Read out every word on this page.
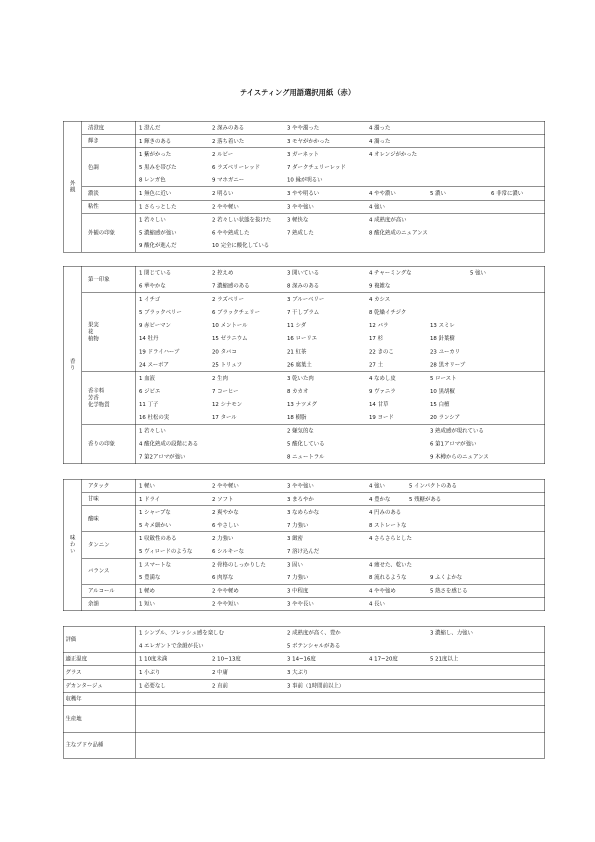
テイスティング用語選択用紙（赤）
外観
清澄度	1 澄んだ	2 深みのある	3 やや濁った	4 濁った
輝き	1 輝きのある	2 落ち着いた	3 モヤがかかった	4 濁った
色調
1 紫がかった	2 ルビー	3 ガーネット	4 オレンジがかった
5 黒みを帯びた	6 ラズベリーレッド 7 ダークチェリーレッド
8 レンガ色	9 マホガニー	10 縁が明るい
濃淡	1 無色に近い	2 明るい	3 やや明るい	4 やや濃い	5 濃い	6 非常に濃い
粘性	1 さらっとした	2 やや軽い	3 やや強い	4 強い
外観の印象
1 若々しい	2 若々しい状態を抜けた 3 軽快な	4 成熟度が高い
5 濃縮感が強い	6 やや熟成した	7 熟成した	8 酸化熟成のニュアンス
9 酸化が進んだ	10 完全に酸化している
香り
第一印象
1 閉じている	2 控えめ	3 開いている	4 チャーミングな	5 強い
6 華やかな	7 濃縮感のある	8 深みのある	9 複雑な
果実
花
植物
1 イチゴ	2 ラズベリー	3 ブルーベリー	4 カシス
5 ブラックベリー	6 ブラックチェリー 7 干しプラム	8 乾燥イチジク
9 赤ピーマン	10 メントール	11 シダ	12 バラ	13 スミレ
14 牡丹	15 ゼラニウム	16 ローリエ	17 杉	18 針葉樹
19 ドライハーブ	20 タバコ	21 紅茶	22 きのこ	23 ユーカリ
24 スーボア	25 トリュフ	26 腐葉土	27 土	28 黒オリーブ
香辛料
芳香
化学物質
1 血液	2 生肉	3 乾いた肉	4 なめし皮	5 ロースト
6 ジビエ	7 コーヒー	8 カカオ	9 ヴァニラ	10 黒胡椒
11 丁子	12 シナモン	13 ナツメグ	14 甘草	15 白檀
16 杜松の実	17 タール	18 樹脂	19 ヨード	20 ランシア
香りの印象
1 若々しい	2 嫌気的な	3 熟成感が現れている
4 酸化熟成の段階にある	5 酸化している	6 第1アロマが強い
7 第2アロマが強い	8 ニュートラル	9 木樽からのニュアンス
味わい
アタック	1 軽い	2 やや軽い	3 やや強い	4 強い 5 インパクトのある
甘味	1 ドライ	2 ソフト	3 まろやか	4 豊かな 5 残糖がある
酸味
1 シャープな	2 爽やかな	3 なめらかな	4 円みのある
5 キメ細かい	6 やさしい	7 力強い	8 ストレートな
タンニン
1 収斂性のある	2 力強い	3 緻密	4 さらさらとした
5 ヴィロードのような 6 シルキーな	7 溶け込んだ
バランス
1 スマートな	2 骨格のしっかりした 3 固い	4 痩せた、乾いた
5 豊満な	6 肉厚な	7 力強い	8 流れるような 9 ふくよかな
アルコール	1 軽め	2 やや軽め	3 中程度	4 やや強め	5 熱さを感じる
余韻	1 短い	2 やや短い	3 やや長い	4 長い
評価
1 シンプル、フレッシュ感を楽しむ	2 成熟度が高く、豊か	3 濃縮し、力強い
4 エレガントで余韻が長い	5 ポテンシャルがある
適正温度	1 10度未満	2 10~13度	3 14~16度	4 17~20度	5 21度以上
グラス	1 小ぶり	2 中庸	3 大ぶり
デカンタージュ	1 必要なし	2 直前	3 事前（1時間前以上）
収穫年
生産地
主なブドウ品種
